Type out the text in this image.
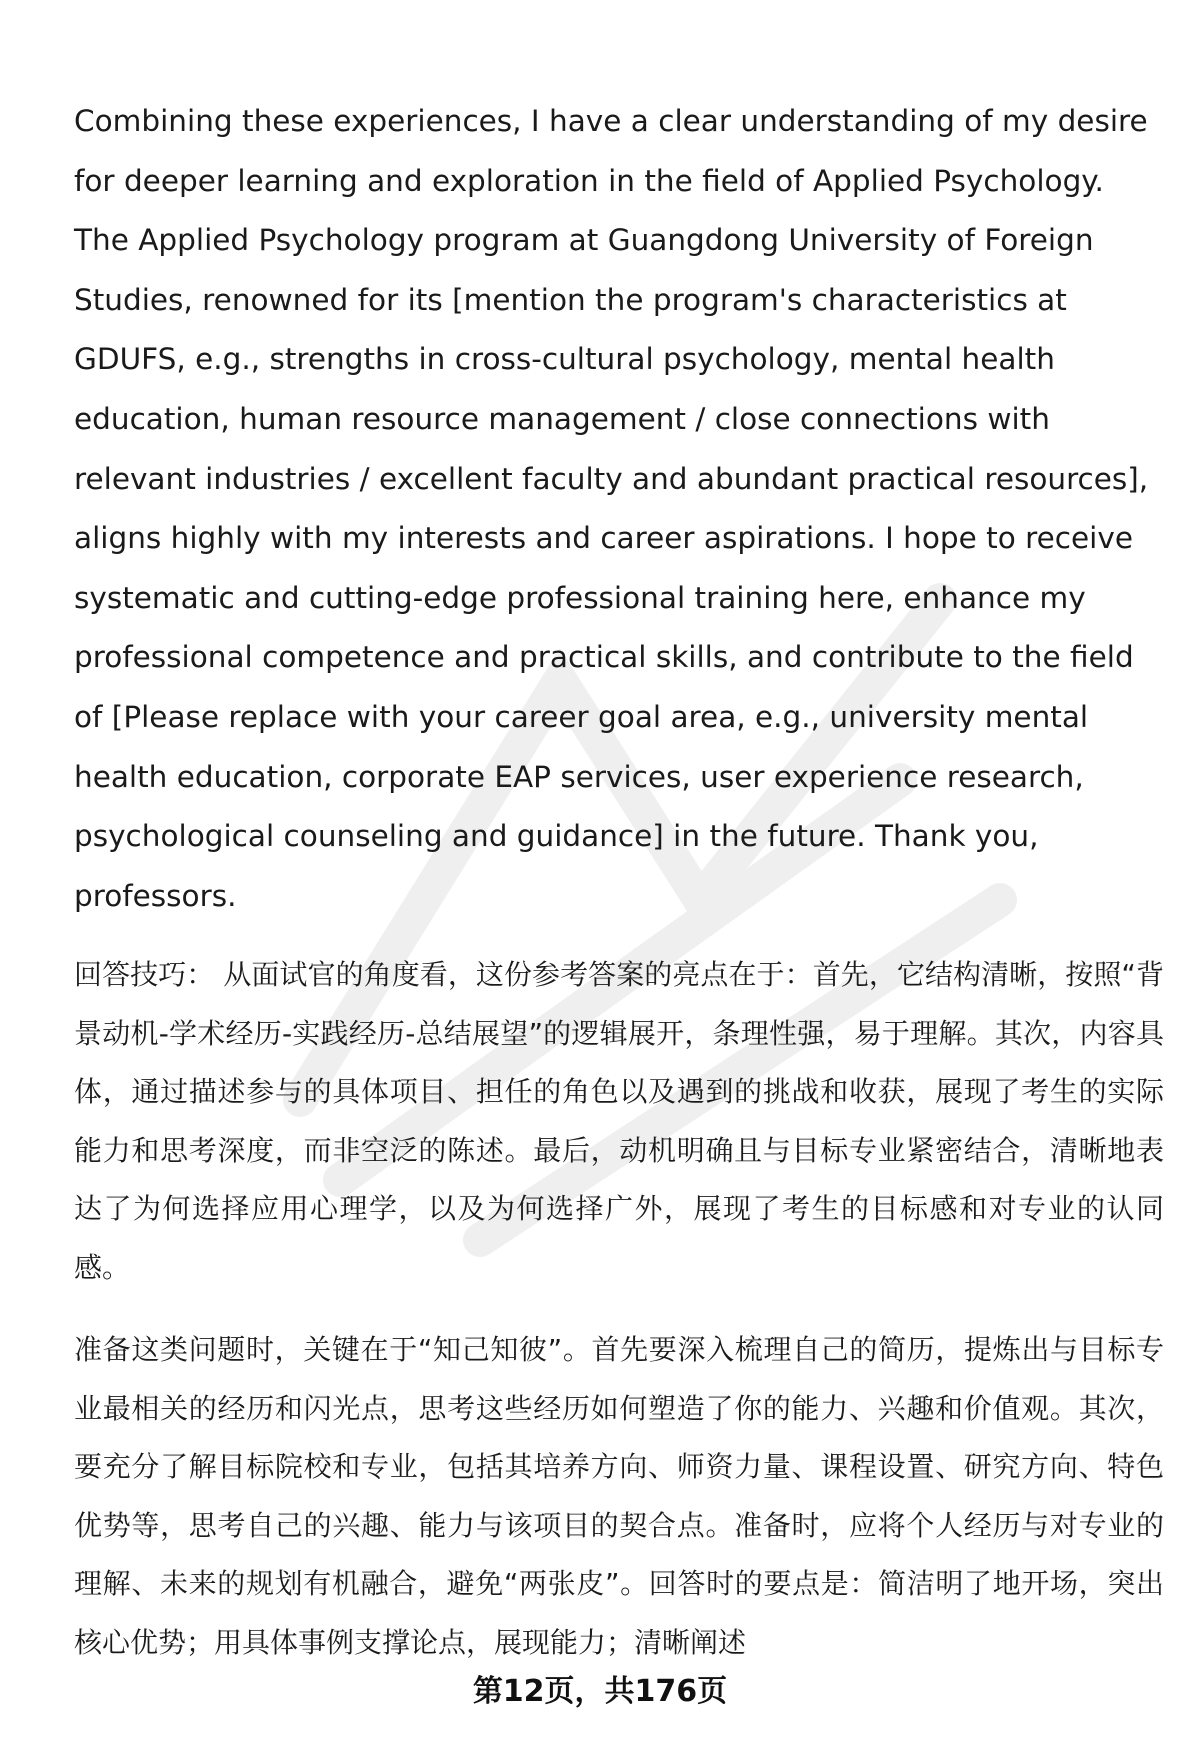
Combining these experiences, I have a clear understanding of my desire for deeper learning and exploration in the field of Applied Psychology. The Applied Psychology program at Guangdong University of Foreign Studies, renowned for its [mention the program's characteristics at GDUFS, e.g., strengths in cross-cultural psychology, mental health education, human resource management / close connections with relevant industries / excellent faculty and abundant practical resources], aligns highly with my interests and career aspirations. I hope to receive systematic and cutting-edge professional training here, enhance my professional competence and practical skills, and contribute to the field of [Please replace with your career goal area, e.g., university mental health education, corporate EAP services, user experience research, psychological counseling and guidance] in the future. Thank you, professors.

回答技巧： 从面试官的角度看，这份参考答案的亮点在于：首先，它结构清晰，按照“背景动机-学术经历-实践经历-总结展望”的逻辑展开，条理性强，易于理解。其次，内容具体，通过描述参与的具体项目、担任的角色以及遇到的挑战和收获，展现了考生的实际能力和思考深度，而非空泛的陈述。最后，动机明确且与目标专业紧密结合，清晰地表达了为何选择应用心理学，以及为何选择广外，展现了考生的目标感和对专业的认同感。

准备这类问题时，关键在于“知己知彼”。首先要深入梳理自己的简历，提炼出与目标专业最相关的经历和闪光点，思考这些经历如何塑造了你的能力、兴趣和价值观。其次，要充分了解目标院校和专业，包括其培养方向、师资力量、课程设置、研究方向、特色优势等，思考自己的兴趣、能力与该项目的契合点。准备时，应将个人经历与对专业的理解、未来的规划有机融合，避免“两张皮”。回答时的要点是：简洁明了地开场，突出核心优势；用具体事例支撑论点，展现能力；清晰阐述

第12页，共176页
